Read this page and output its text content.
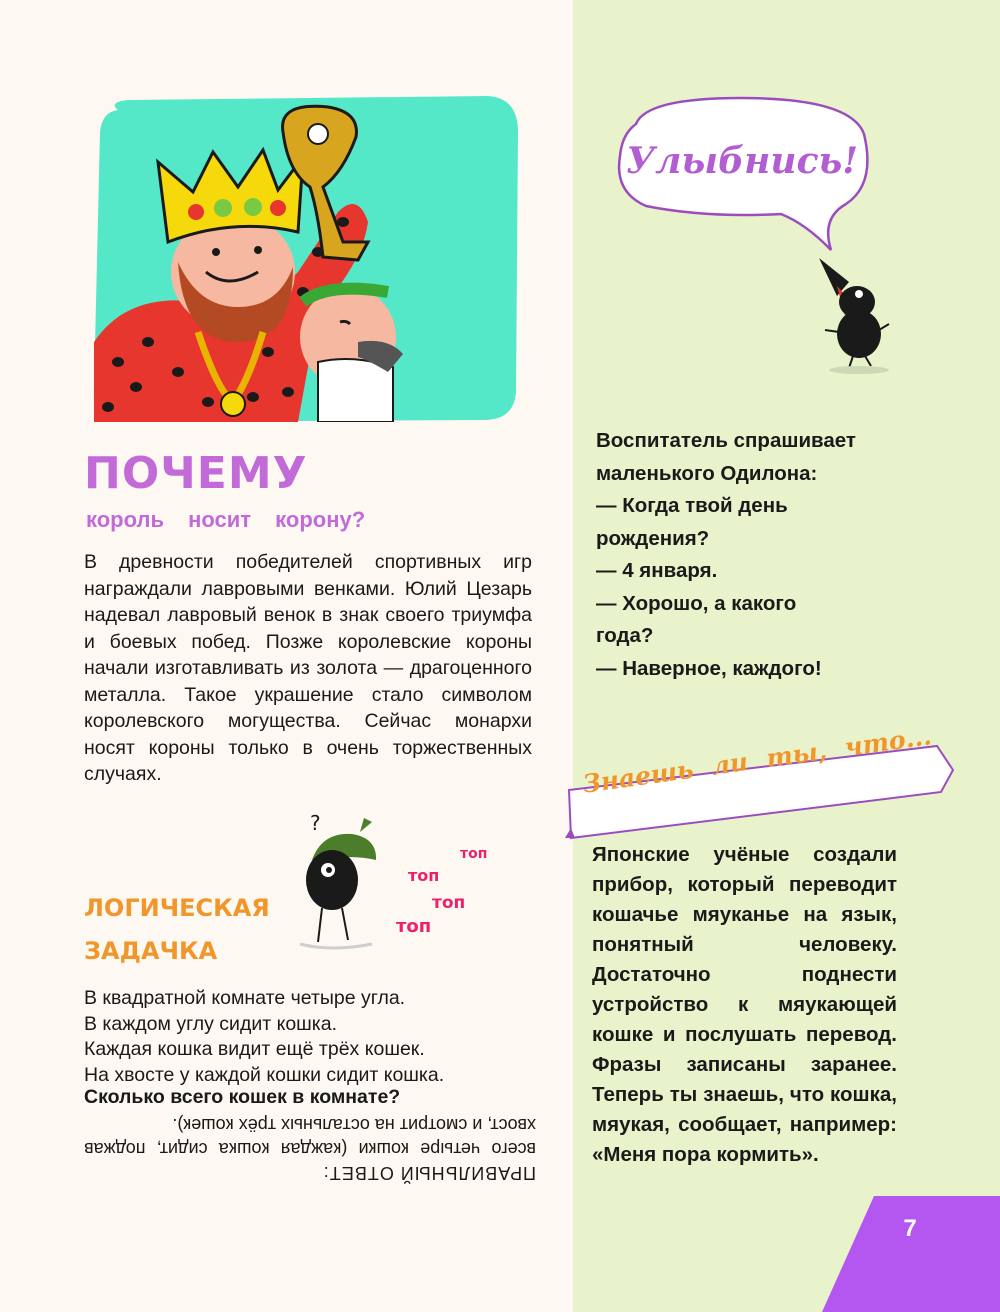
ПОЧЕМУ
король носит корону?

В древности победителей спортивных игр награждали лавровыми венками. Юлий Цезарь надевал лавровый венок в знак своего триумфа и боевых побед. Позже королевские короны начали изготавливать из золота — драгоценного металла. Такое украшение стало символом королевского могущества. Сейчас монархи носят короны только в очень торжественных случаях.

?
топ
топ
топ
топ
ЛОГИЧЕСКАЯ
ЗАДАЧКА
В квадратной комнате четыре угла.
В каждом углу сидит кошка.
Каждая кошка видит ещё трёх кошек.
На хвосте у каждой кошки сидит кошка.

Сколько всего кошек в комнате?

ПРАВИЛЬНЫЙ ОТВЕТ:

всего четыре кошки (каждая кошка сидит, поджав хвост, и смотрит на остальных трёх кошек).

Улыбнись!

Воспитатель спрашивает
маленького Одилона:
— Когда твой день
рождения?
— 4 января.
— Хорошо, а какого
года?
— Наверное, каждого!

Знаешь ли ты, что...

Японские учёные создали прибор, который переводит кошачье мяуканье на язык, понятный человеку. Достаточно поднести устройство к мяукающей кошке и послушать перевод. Фразы записаны заранее. Теперь ты знаешь, что кошка, мяукая, сообщает, например: «Меня пора кормить».

7
